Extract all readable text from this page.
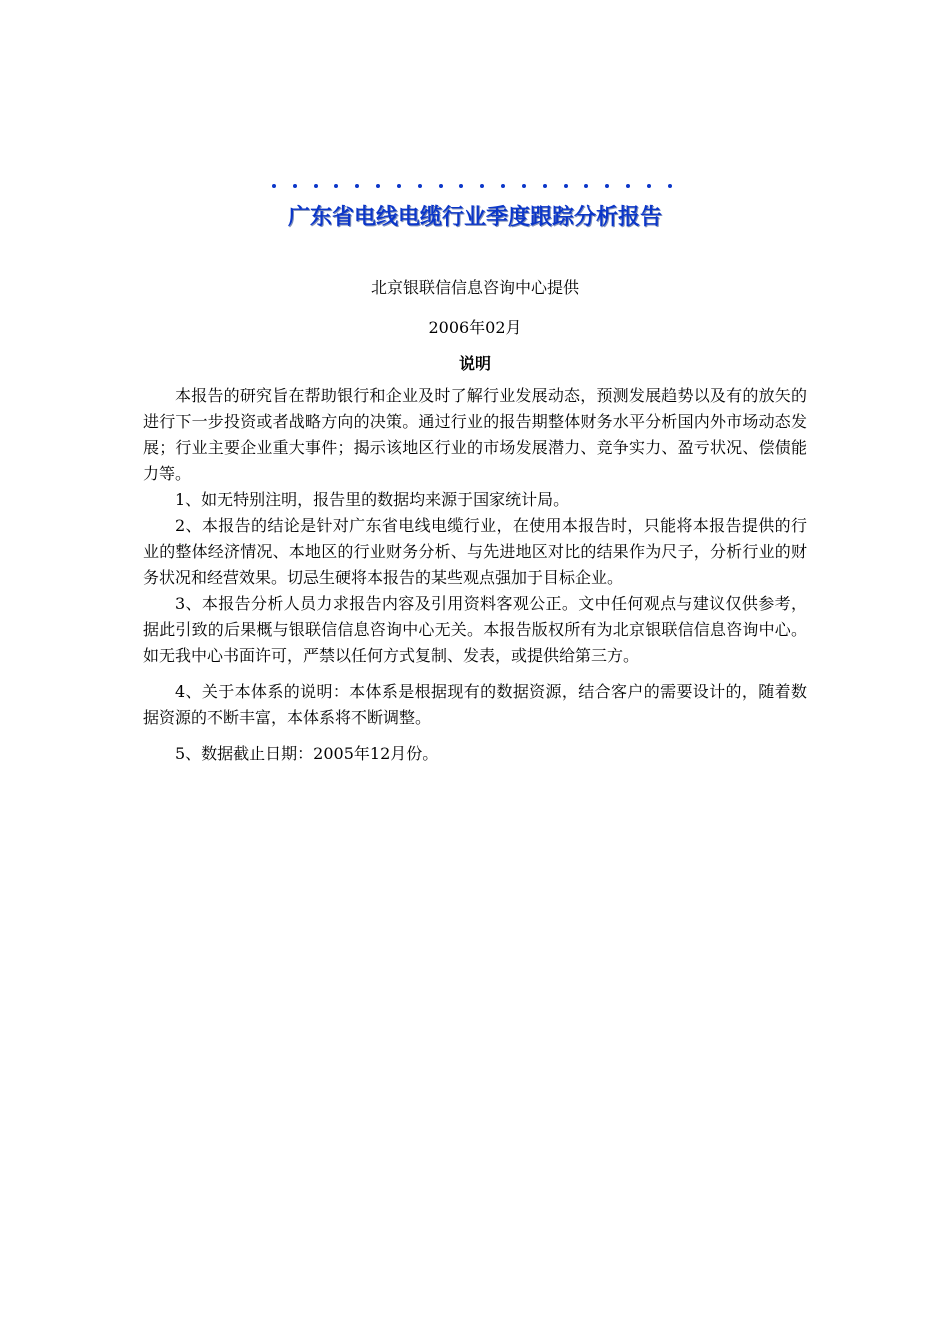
广东省电线电缆行业季度跟踪分析报告
北京银联信信息咨询中心提供
2006年02月
说明

本报告的研究旨在帮助银行和企业及时了解行业发展动态，预测发展趋势以及有的放矢的进行下一步投资或者战略方向的决策。通过行业的报告期整体财务水平分析国内外市场动态发展；行业主要企业重大事件；揭示该地区行业的市场发展潜力、竞争实力、盈亏状况、偿债能力等。

1、如无特别注明，报告里的数据均来源于国家统计局。

2、本报告的结论是针对广东省电线电缆行业，在使用本报告时，只能将本报告提供的行业的整体经济情况、本地区的行业财务分析、与先进地区对比的结果作为尺子，分析行业的财务状况和经营效果。切忌生硬将本报告的某些观点强加于目标企业。

3、本报告分析人员力求报告内容及引用资料客观公正。文中任何观点与建议仅供参考，据此引致的后果概与银联信信息咨询中心无关。本报告版权所有为北京银联信信息咨询中心。如无我中心书面许可，严禁以任何方式复制、发表，或提供给第三方。

4、关于本体系的说明：本体系是根据现有的数据资源，结合客户的需要设计的，随着数据资源的不断丰富，本体系将不断调整。

5、数据截止日期：2005年12月份。
